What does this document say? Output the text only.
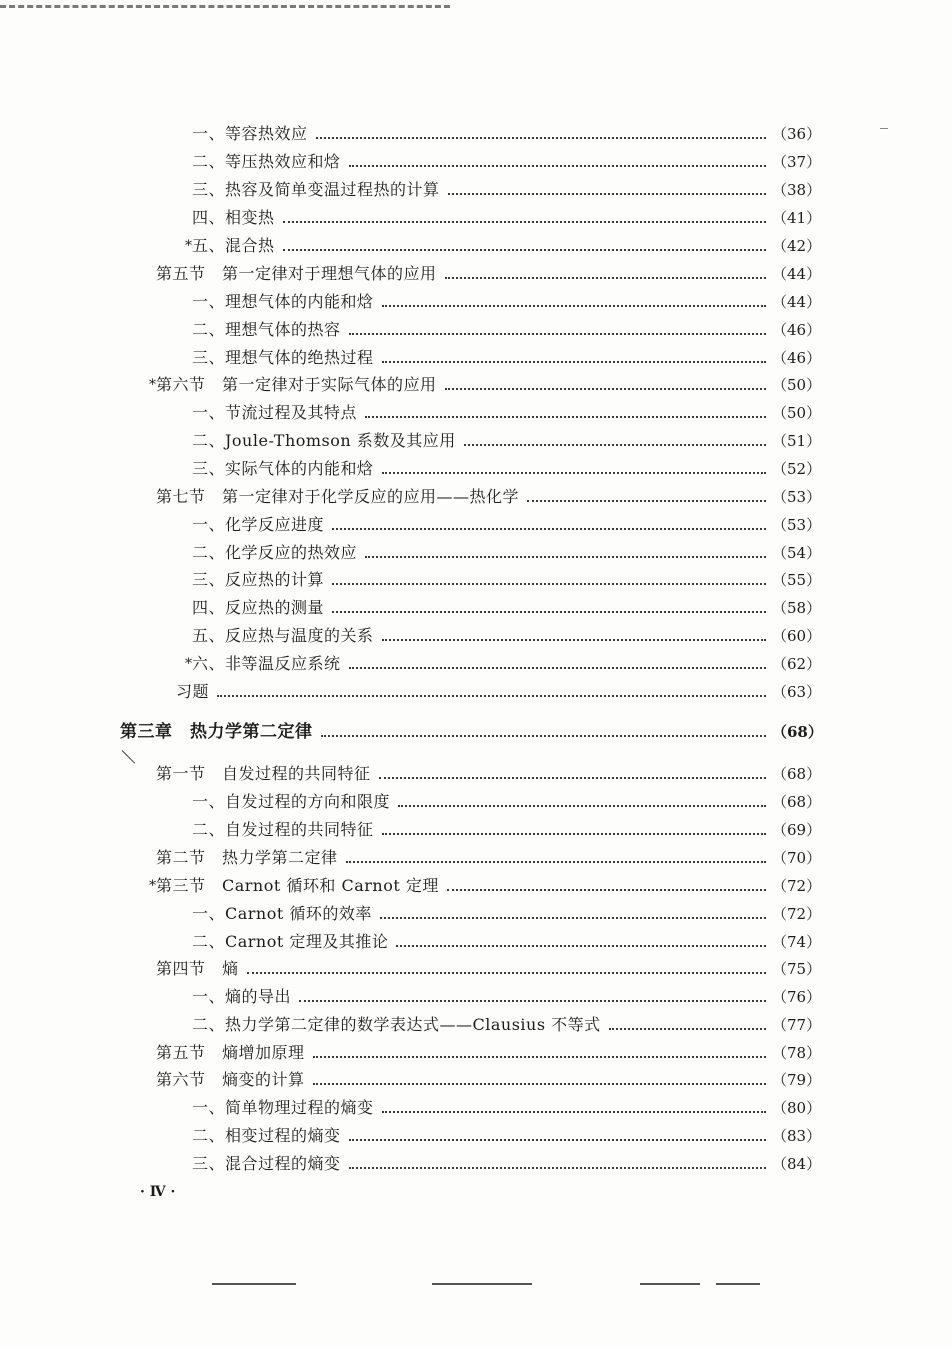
一、等容热效应	（36）
二、等压热效应和焓	（37）
三、热容及简单变温过程热的计算	（38）
四、相变热	（41）
* 五、混合热	（42）
第五节　第一定律对于理想气体的应用	（44）
一、理想气体的内能和焓	（44）
二、理想气体的热容	（46）
三、理想气体的绝热过程	（46）
* 第六节　第一定律对于实际气体的应用	（50）
一、节流过程及其特点	（50）
二、Joule-Thomson 系数及其应用	（51）
三、实际气体的内能和焓	（52）
第七节　第一定律对于化学反应的应用——热化学	（53）
一、化学反应进度	（53）
二、化学反应的热效应	（54）
三、反应热的计算	（55）
四、反应热的测量	（58）
五、反应热与温度的关系	（60）
* 六、非等温反应系统	（62）
习题	（63）
第三章　热力学第二定律	（68）
第一节　自发过程的共同特征	（68）
一、自发过程的方向和限度	（68）
二、自发过程的共同特征	（69）
第二节　热力学第二定律	（70）
* 第三节　Carnot 循环和 Carnot 定理	（72）
一、Carnot 循环的效率	（72）
二、Carnot 定理及其推论	（74）
第四节　熵	（75）
一、熵的导出	（76）
二、热力学第二定律的数学表达式——Clausius 不等式	（77）
第五节　熵增加原理	（78）
第六节　熵变的计算	（79）
一、简单物理过程的熵变	（80）
二、相变过程的熵变	（83）
三、混合过程的熵变	（84）
· Ⅳ ·
